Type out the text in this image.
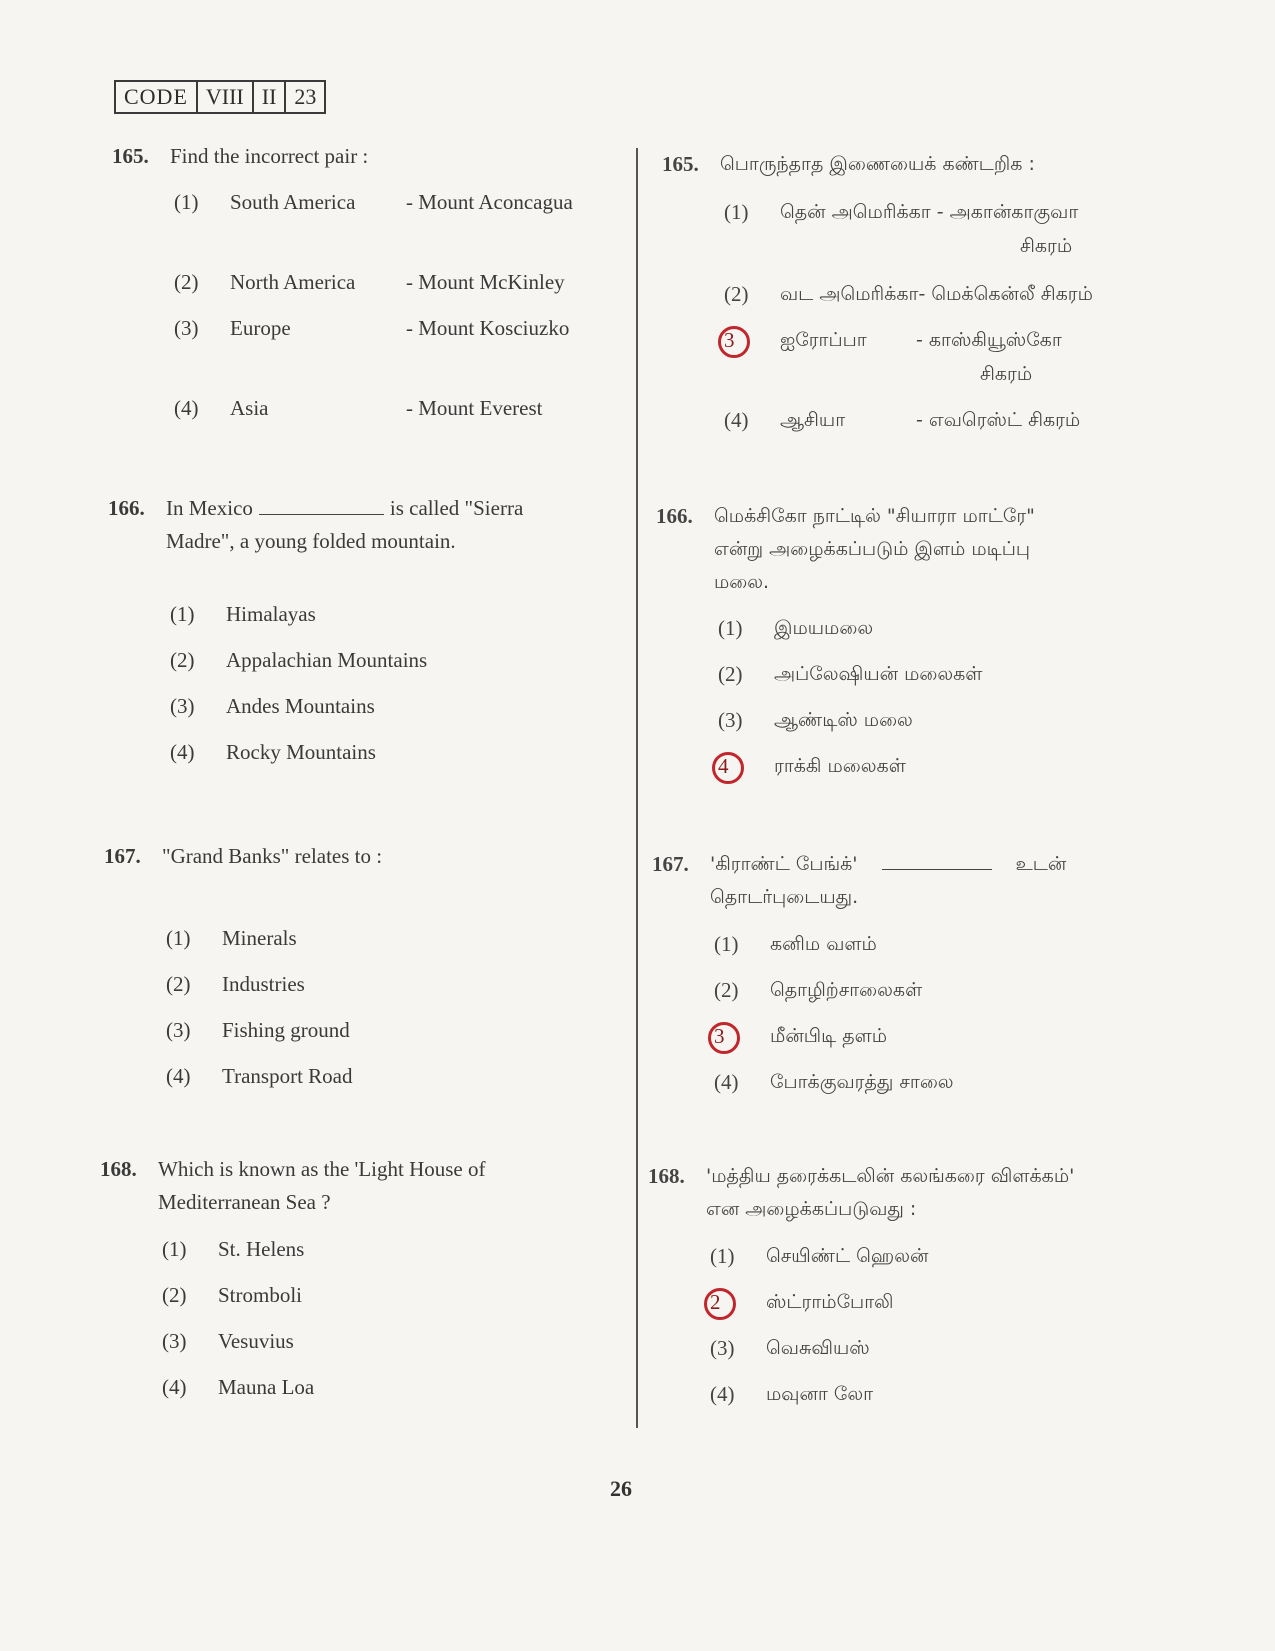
CODE VIII II 23
165. Find the incorrect pair :
(1) South America - Mount Aconcagua
(2) North America - Mount McKinley
(3) Europe	- Mount Kosciuzko
(4) Asia	- Mount Everest
166. In Mexico	is called "Sierra
Madre", a young folded mountain.
(1) Himalayas
(2) Appalachian Mountains
(3) Andes Mountains
(4) Rocky Mountains
167. "Grand Banks" relates to :
(1) Minerals
(2) Industries
(3) Fishing ground
(4) Transport Road
168. Which is known as the 'Light House of
Mediterranean Sea ?
(1) St. Helens
(2) Stromboli
(3) Vesuvius
(4) Mauna Loa
165. பொருந்தாத இணையைக் கண்டறிக :
(1) தென் அமெரிக்கா - அகான்காகுவா
சிகரம்
(2) வட அமெரிக்கா- மெக்கென்லீ சிகரம்
3 ஐரோப்பா	- காஸ்கியூஸ்கோ
சிகரம்
(4) ஆசியா	- எவரெஸ்ட் சிகரம்
166. மெக்சிகோ நாட்டில் "சியாரா மாட்ரே"
என்று அழைக்கப்படும் இளம் மடிப்பு
மலை.
(1) இமயமலை
(2) அப்லேஷியன் மலைகள்
(3) ஆண்டிஸ் மலை
4 ராக்கி மலைகள்
167. 'கிராண்ட் பேங்க்'	உடன்
தொடர்புடையது.
(1) கனிம வளம்
(2) தொழிற்சாலைகள்
3 மீன்பிடி தளம்
(4) போக்குவரத்து சாலை
168. 'மத்திய தரைக்கடலின் கலங்கரை விளக்கம்'
என அழைக்கப்படுவது :
(1) செயிண்ட் ஹெலன்
2 ஸ்ட்ராம்போலி
(3) வெசுவியஸ்
(4) மவுனா லோ
26
